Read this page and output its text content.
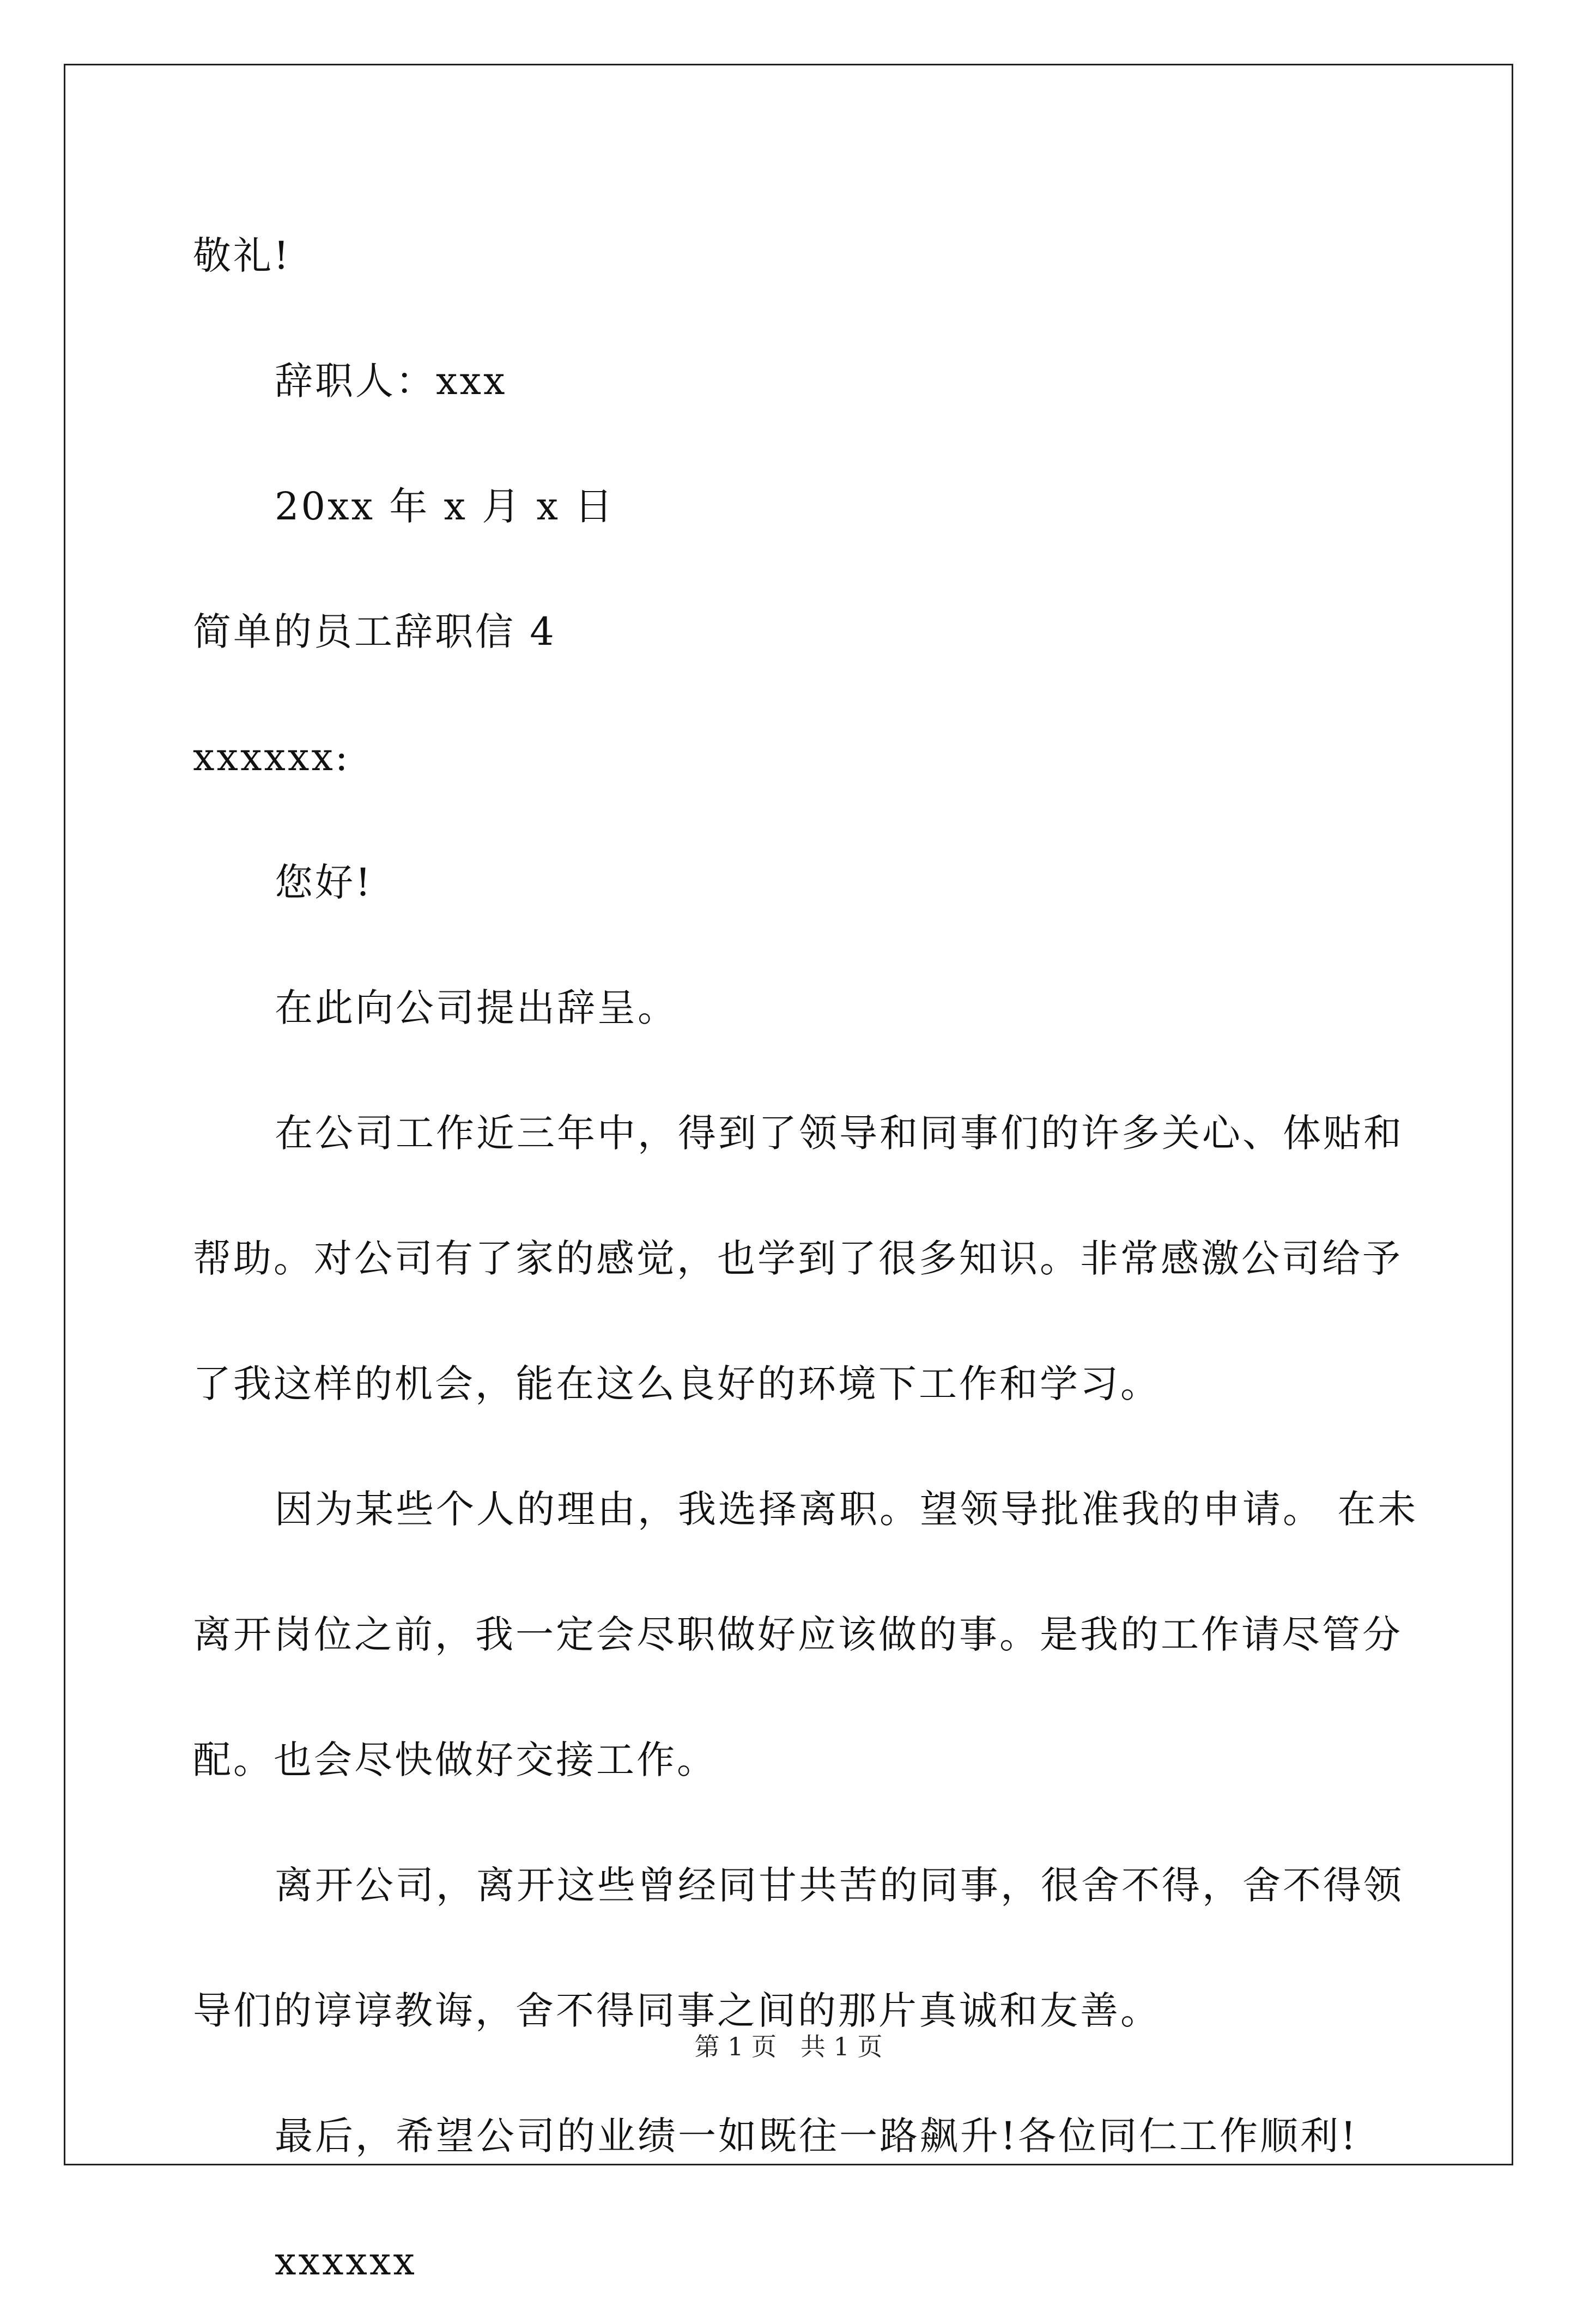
敬礼!
辞职人：xxx
20xx 年 x 月 x 日
简单的员工辞职信 4
xxxxxx:
您好!
在此向公司提出辞呈。
在公司工作近三年中，得到了领导和同事们的许多关心、体贴和
帮助。对公司有了家的感觉，也学到了很多知识。非常感激公司给予
了我这样的机会，能在这么良好的环境下工作和学习。
因为某些个人的理由，我选择离职。望领导批准我的申请。 在未
离开岗位之前，我一定会尽职做好应该做的事。是我的工作请尽管分
配。也会尽快做好交接工作。
离开公司，离开这些曾经同甘共苦的同事，很舍不得，舍不得领
导们的谆谆教诲，舍不得同事之间的那片真诚和友善。
最后，希望公司的业绩一如既往一路飙升!各位同仁工作顺利!
xxxxxx
第 1 页   共 1 页
